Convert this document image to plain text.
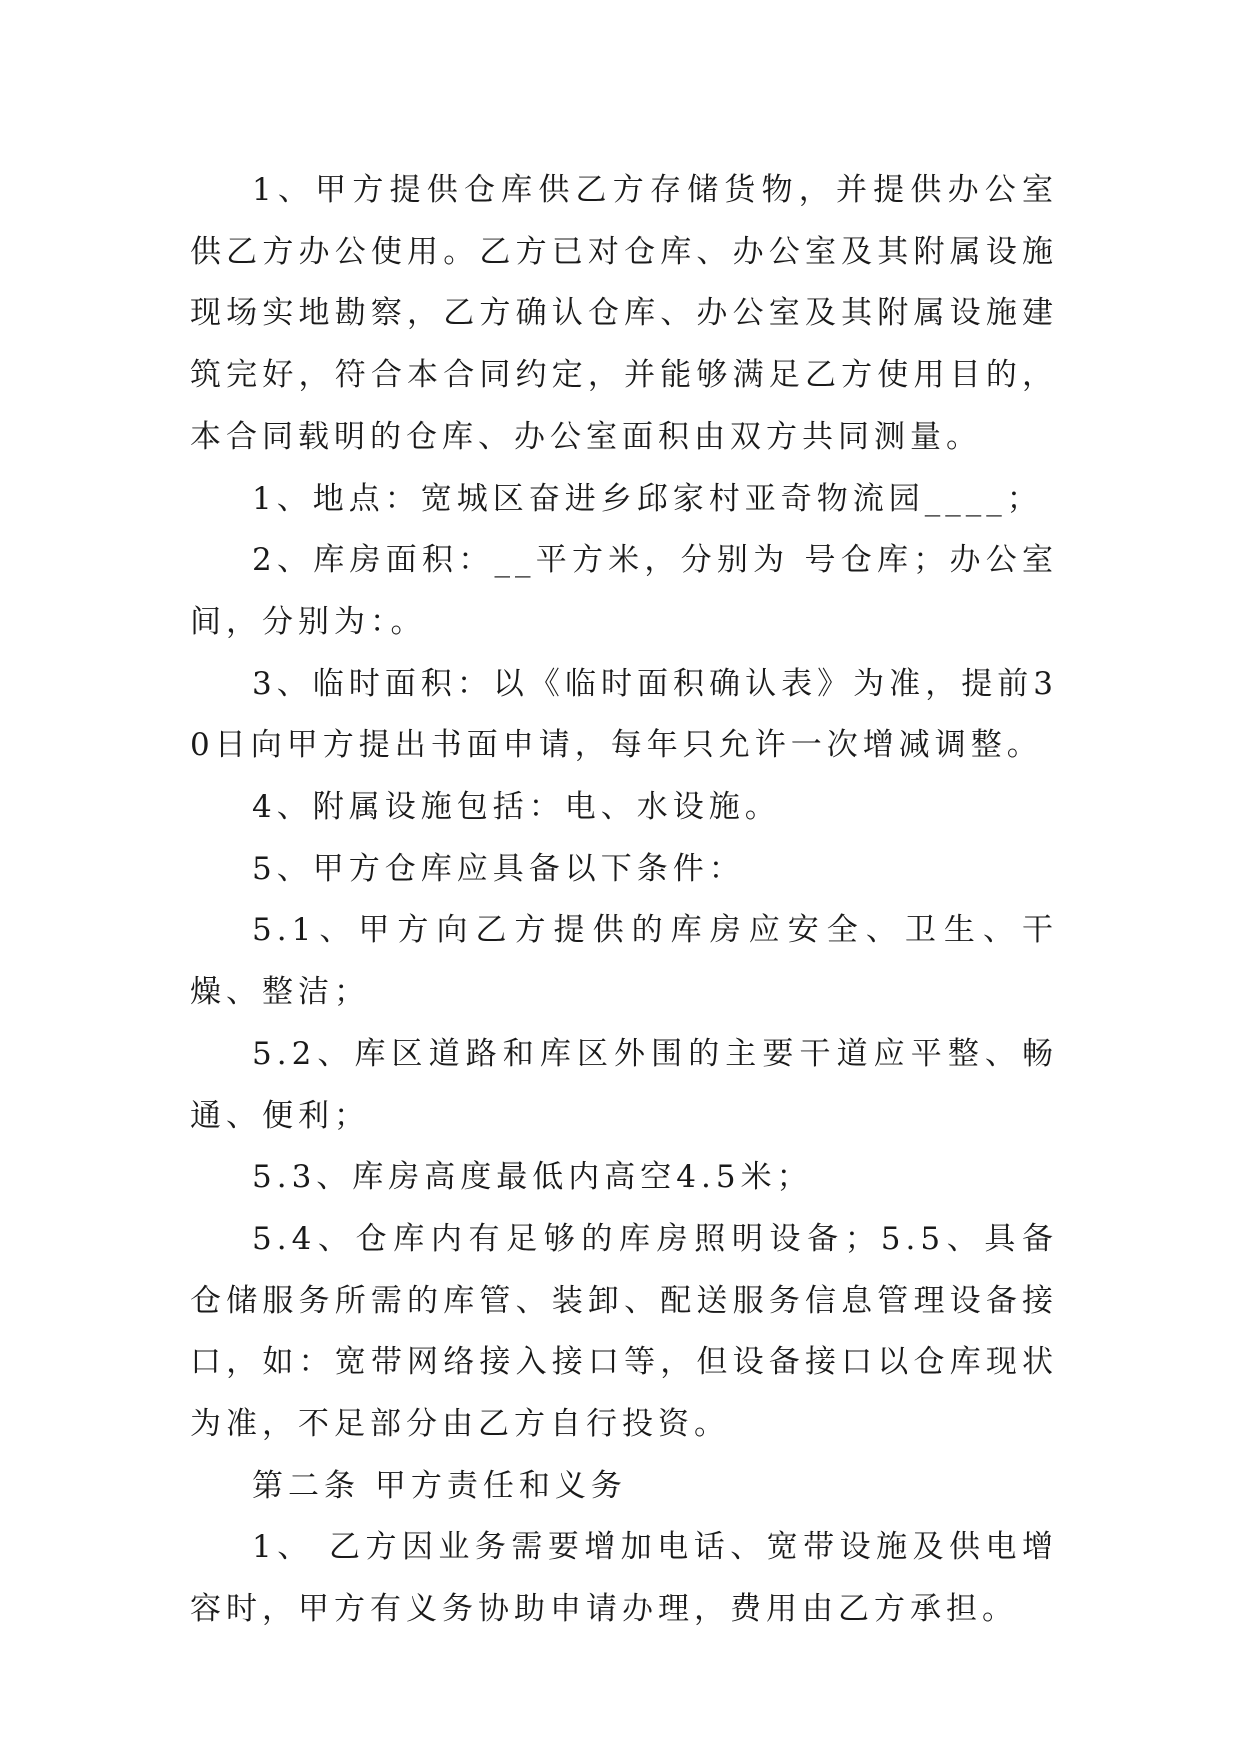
1、甲方提供仓库供乙方存储货物，并提供办公室供乙方办公使用。乙方已对仓库、办公室及其附属设施现场实地勘察，乙方确认仓库、办公室及其附属设施建筑完好，符合本合同约定，并能够满足乙方使用目的，本合同载明的仓库、办公室面积由双方共同测量。

1、地点：宽城区奋进乡邱家村亚奇物流园____；

2、库房面积：__平方米，分别为 号仓库；办公室间，分别为：。

3、临时面积：以《临时面积确认表》为准，提前30日向甲方提出书面申请，每年只允许一次增减调整。

4、附属设施包括：电、水设施。

5、甲方仓库应具备以下条件：

5.1、甲方向乙方提供的库房应安全、卫生、干燥、整洁；

5.2、库区道路和库区外围的主要干道应平整、畅通、便利；

5.3、库房高度最低内高空4.5米；

5.4、仓库内有足够的库房照明设备；5.5、具备仓储服务所需的库管、装卸、配送服务信息管理设备接口，如：宽带网络接入接口等，但设备接口以仓库现状为准，不足部分由乙方自行投资。

第二条 甲方责任和义务

1、 乙方因业务需要增加电话、宽带设施及供电增容时，甲方有义务协助申请办理，费用由乙方承担。
